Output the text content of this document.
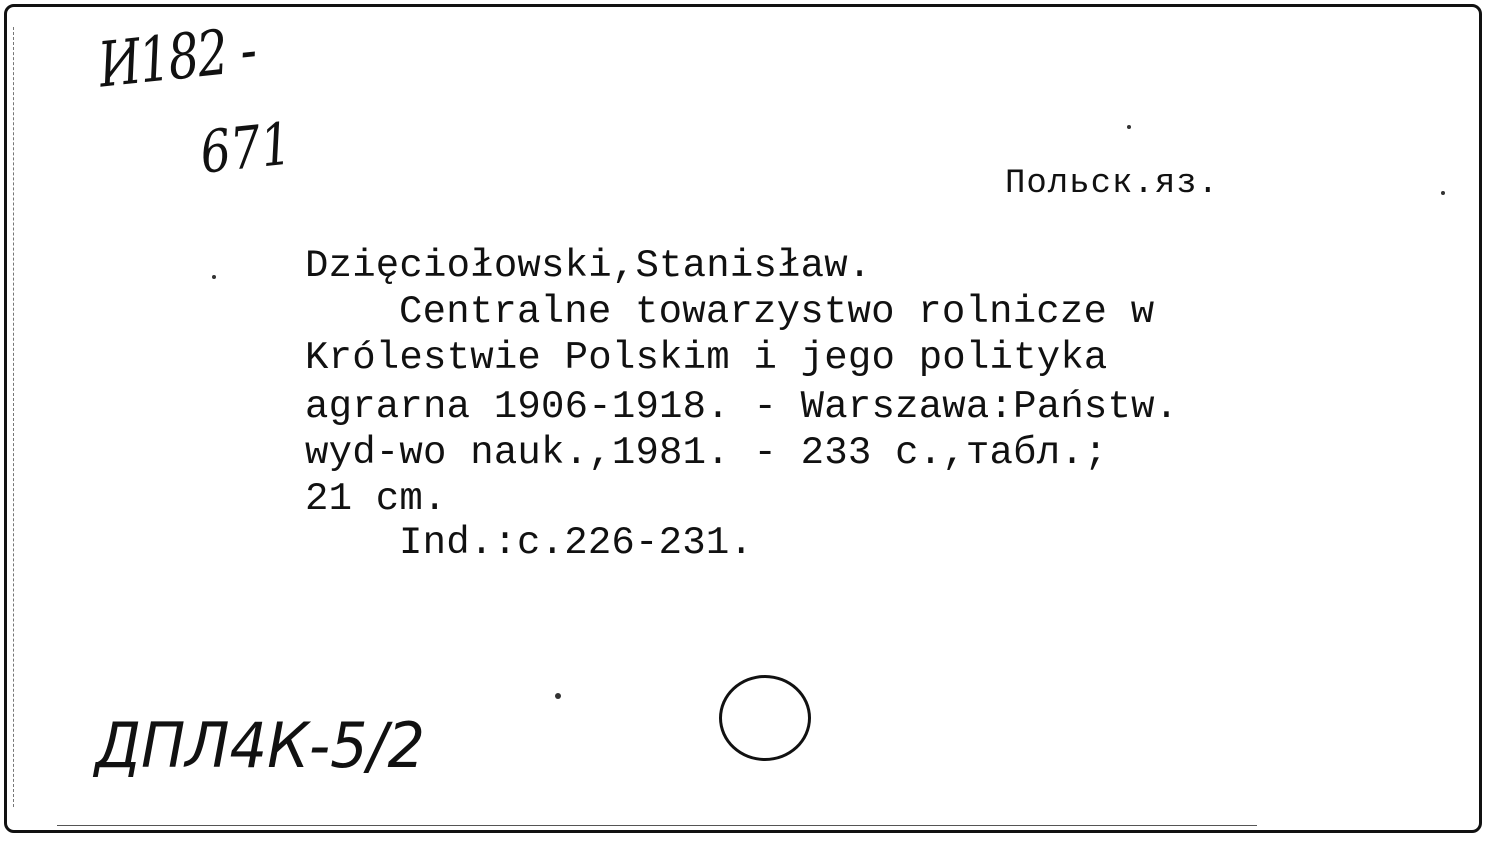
И182 -
671	Польск.яз.
Dzięciołowski,Stanisław.
Centralne towarzystwo rolnicze w
Królestwie Polskim i jego polityka
agrarna 1906-1918. - Warszawa:Państw.
wyd-wo nauk.,1981. - 233 с.,табл.;
21 cm.
Ind.:c.226-231.
ДПЛ4К-5/2
